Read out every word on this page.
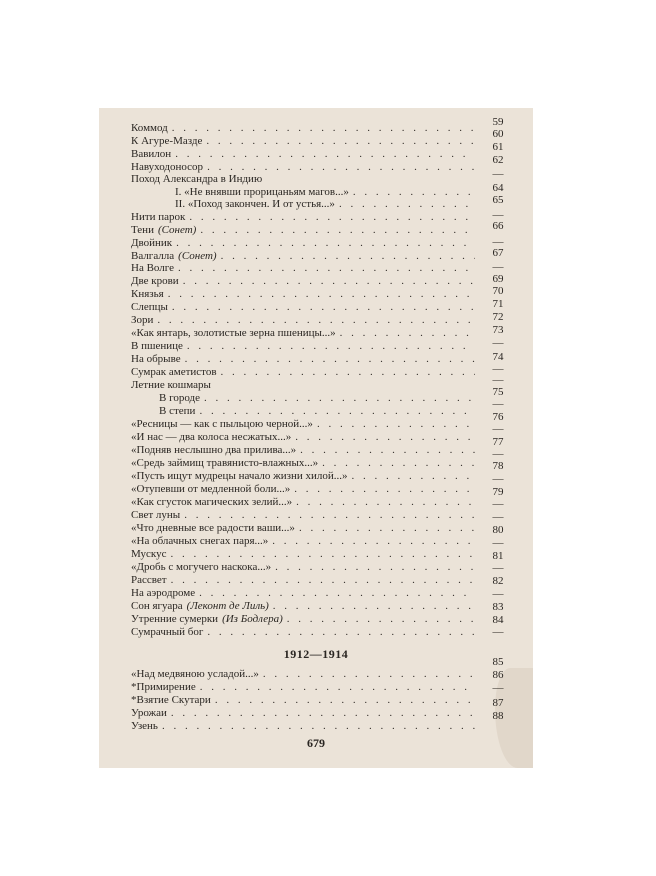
Коммод
. . .
К Агуре-Мазде
. . .
Вавилон
. . .
Навуходоносор
. . .
Поход Александра в Индию
I. «Не внявши прорицаньям магов...»
. . .
II. «Поход закончен. И от устья...»
. . .
Нити парок
. . .
Тени (Сонет)
. . .
Двойник
. . .
Валгалла (Сонет)
. . .
На Волге
. . .
Две крови
. . .
Князья
. . .
Слепцы
. . .
Зори
. . .
«Как янтарь, золотистые зерна пшеницы...»
. . .
В пшенице
. . .
На обрыве
. . .
Сумрак аметистов
. . .
Летние кошмары
В городе
. . .
В степи
. . .
«Ресницы — как с пыльцою черной...»
. . .
«И нас — два колоса несжатых...»
. . .
«Подняв неслышно два прилива...»
. . .
«Средь займищ травянисто-влажных...»
. . .
«Пусть ищут мудрецы начало жизни хилой...»
. . .
«Отупевши от медленной боли...»
. . .
«Как сгусток магических зелий...»
. . .
Свет луны
. . .
«Что дневные все радости ваши...»
. . .
«На облачных снегах паря...»
. . .
Мускус
. . .
«Дробь с могучего наскока...»
. . .
Рассвет
. . .
На аэродроме
. . .
Сон ягуара (Леконт де Лиль)
. . .
Утренние сумерки (Из Бодлера)
. . .
Сумрачный бог
. . .
«Над медвяною усладой...»
. . .
*Примирение
. . .
*Взятие Скутари
. . .
Урожаи
. . .
Узень
. . .
59
60
61
62
—
64
65
—
66
—
67
—
69
70
71
72
73
—
74
—
—
75
—
76
—
77
—
78
—
79
—
—
80
—
81
—
82
—
83
84
—
85
86
—
87
88
1912—1914
679
